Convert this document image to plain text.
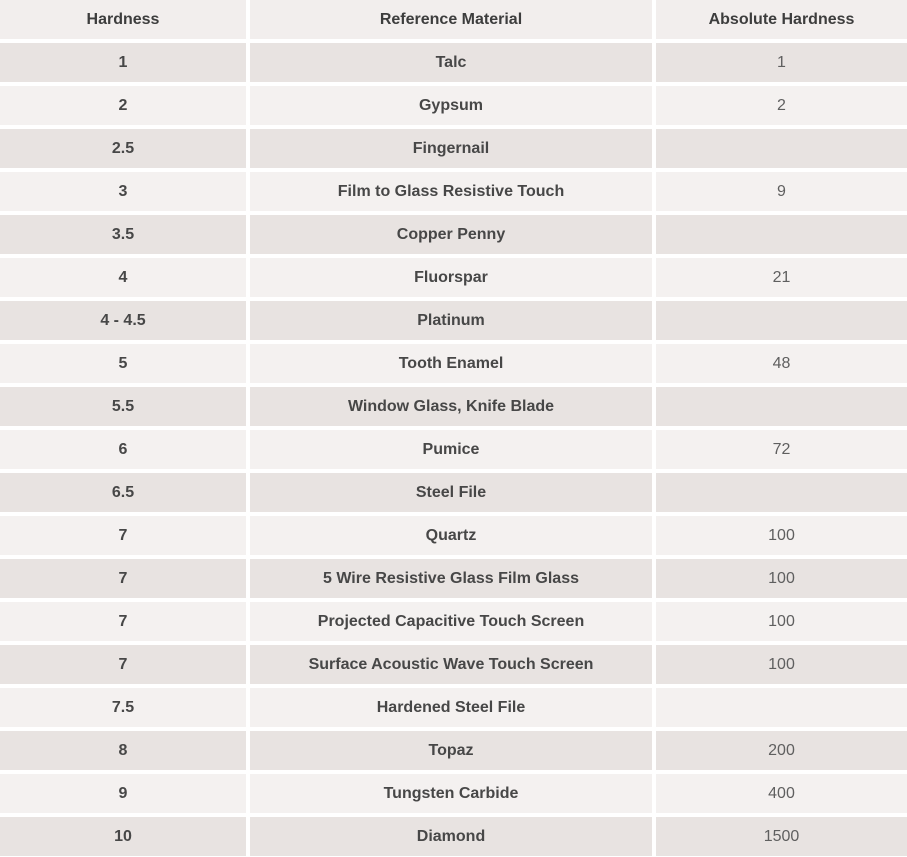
Hardness	Reference Material	Absolute Hardness
1	Talc	1
2	Gypsum	2
2.5	Fingernail
3	Film to Glass Resistive Touch	9
3.5	Copper Penny
4	Fluorspar	21
4 - 4.5	Platinum
5	Tooth Enamel	48
5.5	Window Glass, Knife Blade
6	Pumice	72
6.5	Steel File
7	Quartz	100
7	5 Wire Resistive Glass Film Glass	100
7	Projected Capacitive Touch Screen	100
7	Surface Acoustic Wave Touch Screen	100
7.5	Hardened Steel File
8	Topaz	200
9	Tungsten Carbide	400
10	Diamond	1500
